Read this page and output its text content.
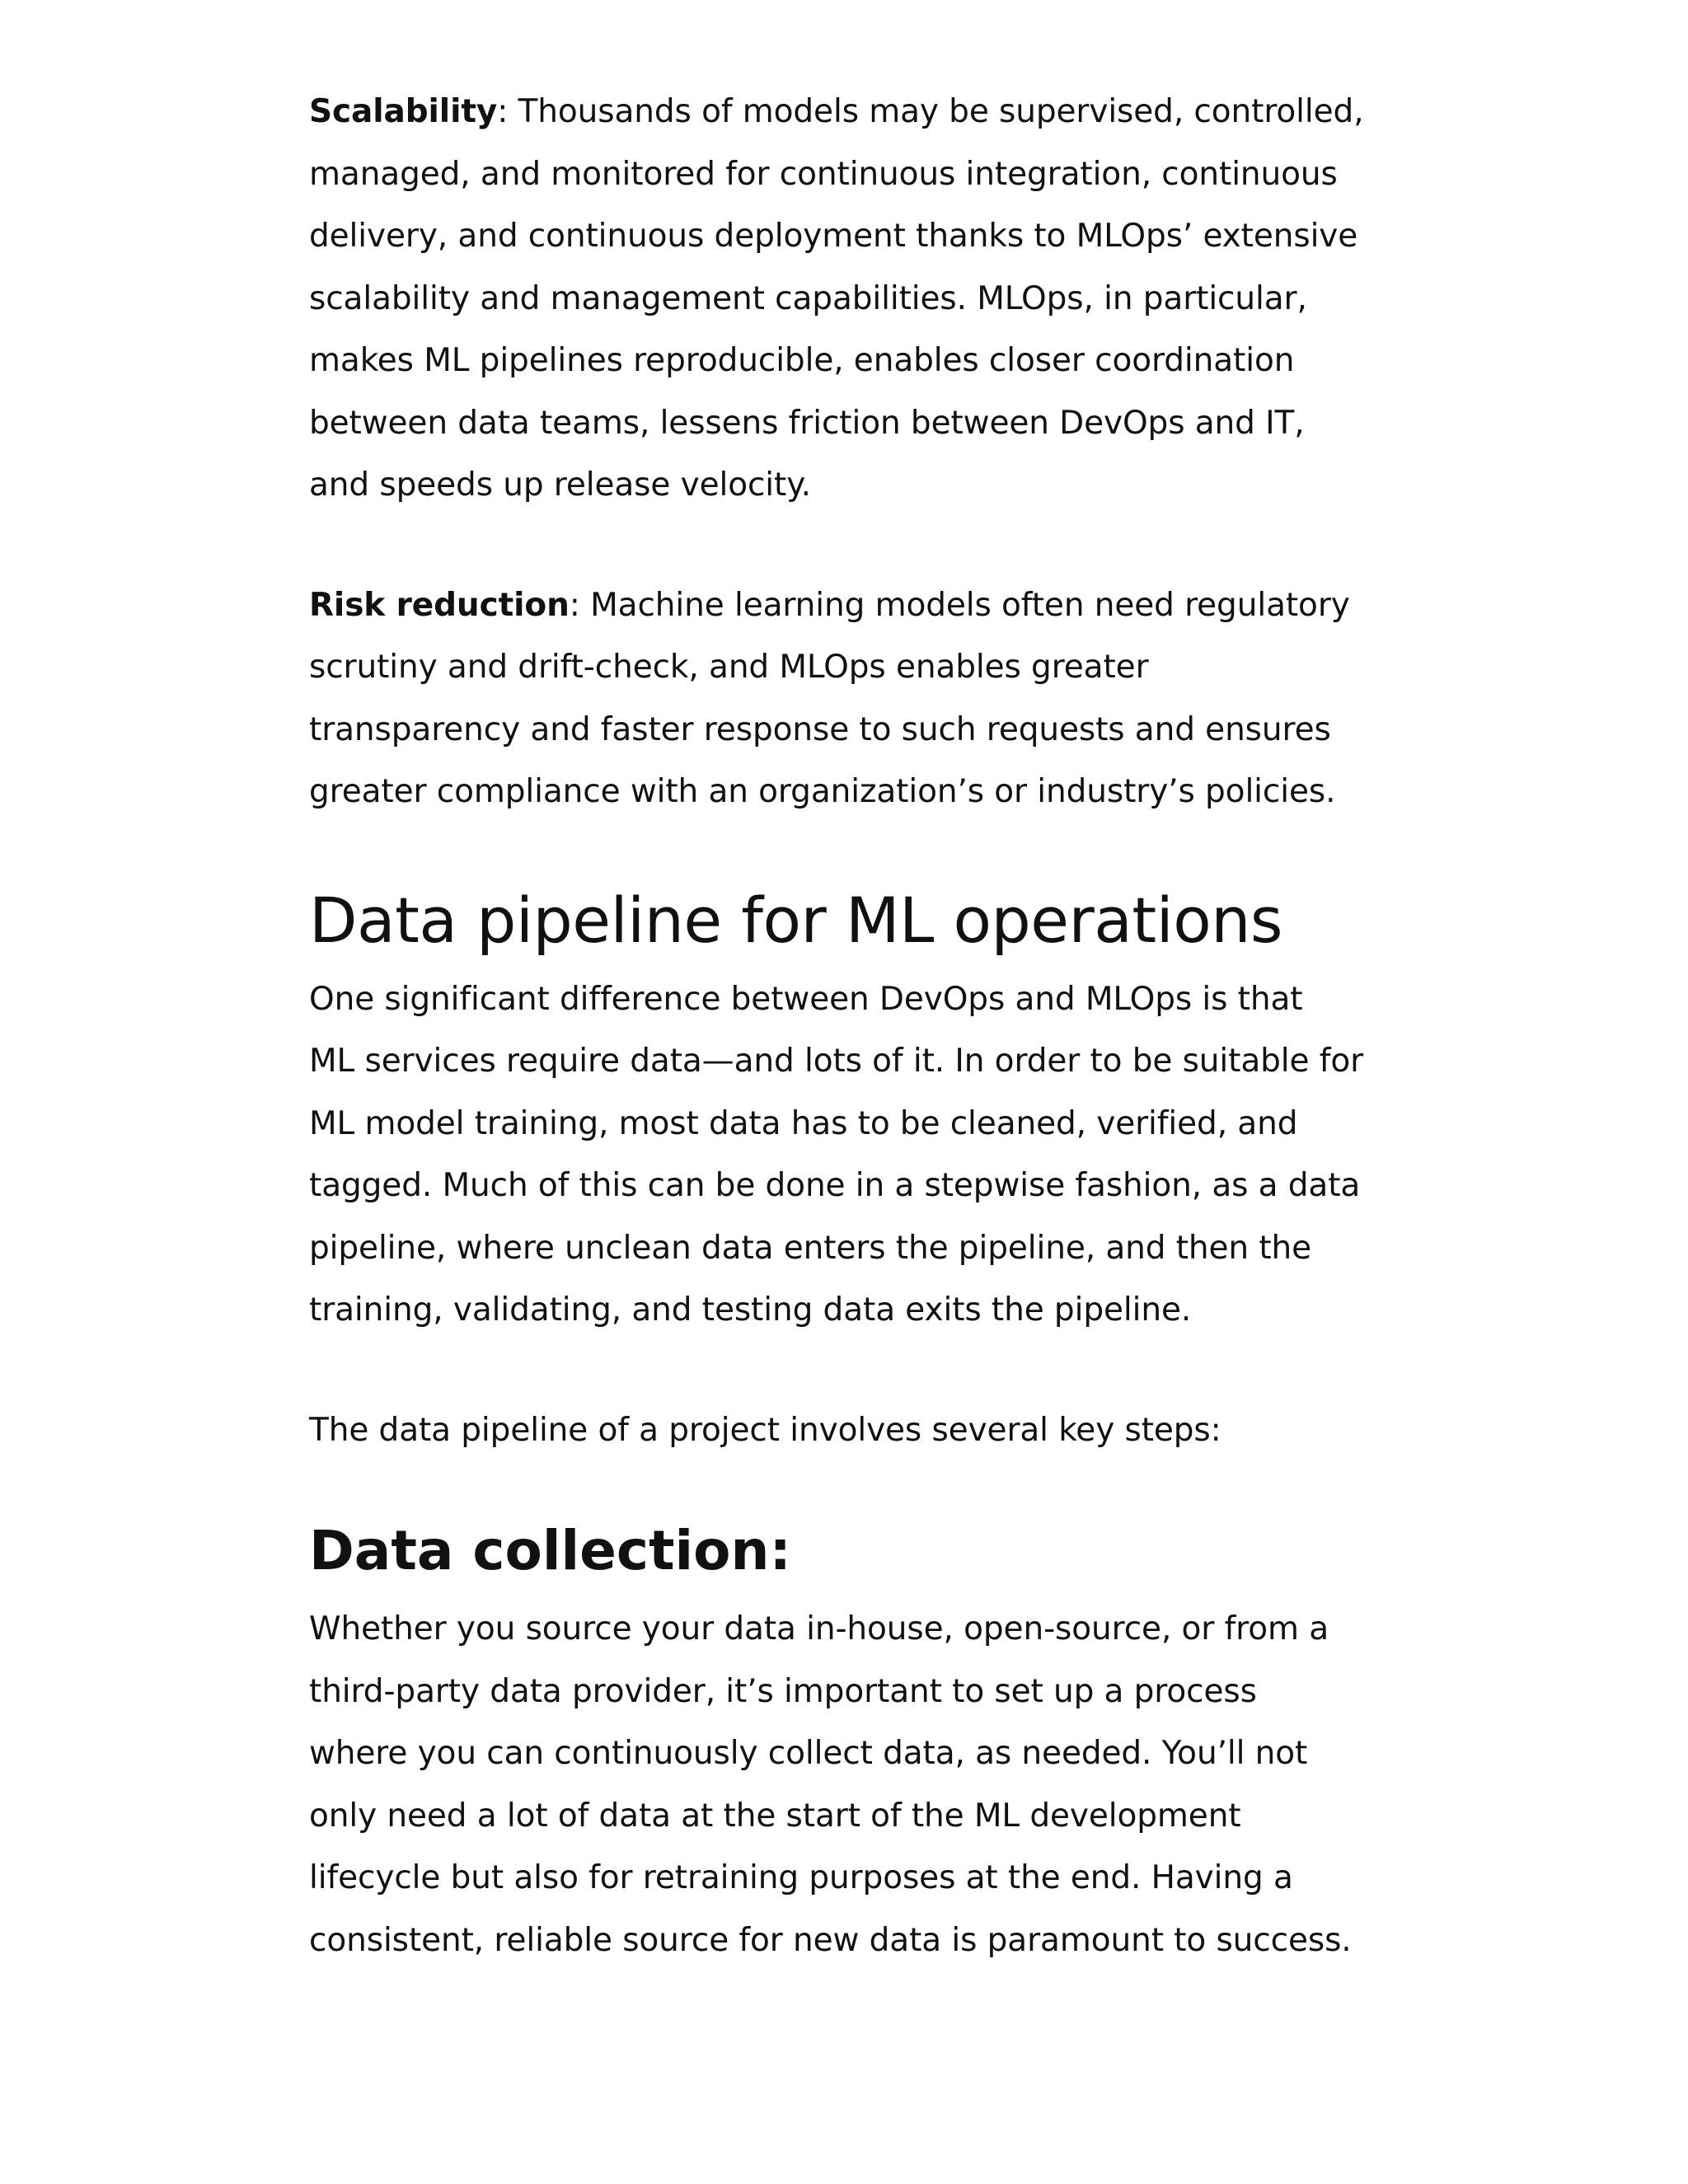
Scalability: Thousands of models may be supervised, controlled,
managed, and monitored for continuous integration, continuous
delivery, and continuous deployment thanks to MLOps’ extensive
scalability and management capabilities. MLOps, in particular,
makes ML pipelines reproducible, enables closer coordination
between data teams, lessens friction between DevOps and IT,
and speeds up release velocity.

Risk reduction: Machine learning models often need regulatory
scrutiny and drift-check, and MLOps enables greater
transparency and faster response to such requests and ensures
greater compliance with an organization’s or industry’s policies.

Data pipeline for ML operations

One significant difference between DevOps and MLOps is that
ML services require data—and lots of it. In order to be suitable for
ML model training, most data has to be cleaned, verified, and
tagged. Much of this can be done in a stepwise fashion, as a data
pipeline, where unclean data enters the pipeline, and then the
training, validating, and testing data exits the pipeline.

The data pipeline of a project involves several key steps:

Data collection:

Whether you source your data in-house, open-source, or from a
third-party data provider, it’s important to set up a process
where you can continuously collect data, as needed. You’ll not
only need a lot of data at the start of the ML development
lifecycle but also for retraining purposes at the end. Having a
consistent, reliable source for new data is paramount to success.
